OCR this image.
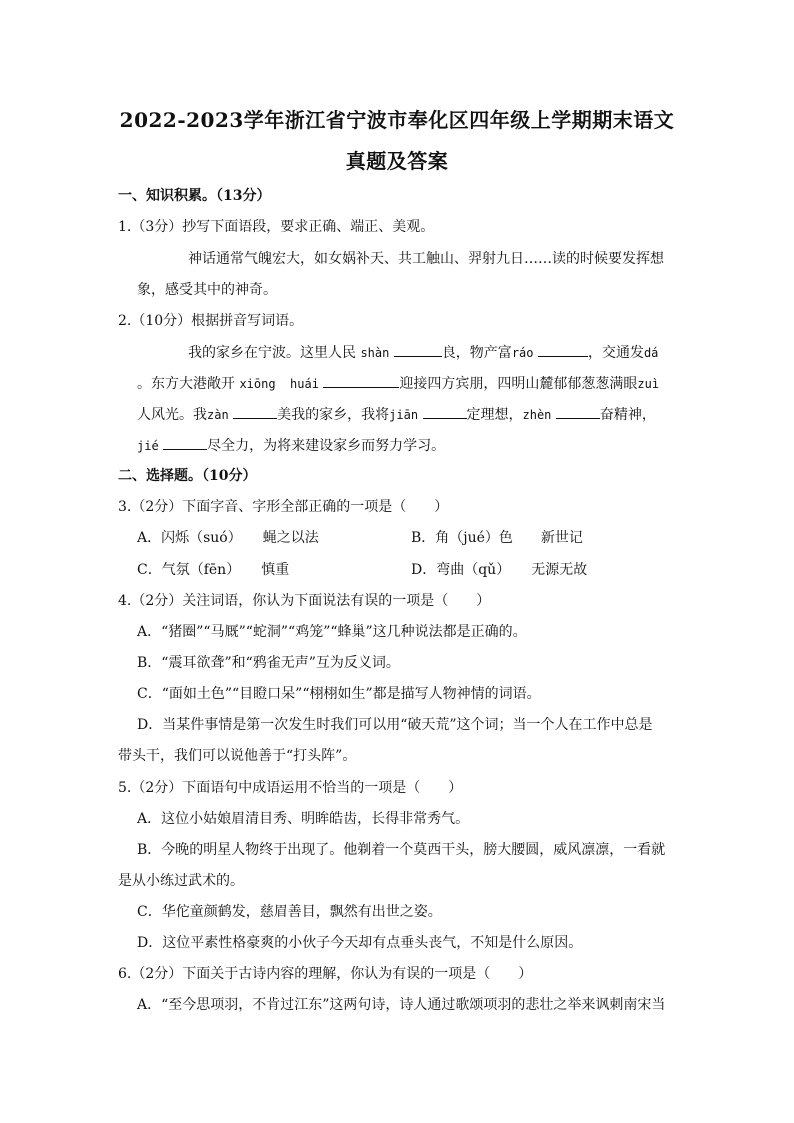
2022-2023学年浙江省宁波市奉化区四年级上学期期末语文
真题及答案
一、知识积累。（13分）
1.（3分）抄写下面语段，要求正确、端正、美观。
神话通常气魄宏大，如女娲补天、共工触山、羿射九日……读的时候要发挥想
象，感受其中的神奇。
2.（10分）根据拼音写词语。
我的家乡在宁波。这里人民 shàn	良，物产富ráo	，交通发dá
。东方大港敞开 xiōng  huái	迎接四方宾朋，四明山麓郁郁葱葱满眼zuì
人风光。我zàn	美我的家乡，我将jiān	定理想，zhèn	奋精神，
jié	尽全力，为将来建设家乡而努力学习。
二、选择题。（10分）
3.（2分）下面字音、字形全部正确的一项是（　　）
A．闪烁（suó）　　蝇之以法	B．角（jué）色　　新世记
C．气氛（fēn）　　慎重	D．弯曲（qǔ）　　无源无故
4.（2分）关注词语，你认为下面说法有误的一项是（　　）
A．“猪圈”“马厩”“蛇洞”“鸡笼”“蜂巢”这几种说法都是正确的。
B．“震耳欲聋”和“鸦雀无声”互为反义词。
C．“面如土色”“目瞪口呆”“栩栩如生”都是描写人物神情的词语。
D．当某件事情是第一次发生时我们可以用“破天荒”这个词；当一个人在工作中总是
带头干，我们可以说他善于“打头阵”。
5.（2分）下面语句中成语运用不恰当的一项是（　　）
A．这位小姑娘眉清目秀、明眸皓齿，长得非常秀气。
B．今晚的明星人物终于出现了。他剃着一个莫西干头，膀大腰圆，威风凛凛，一看就
是从小练过武术的。
C．华佗童颜鹤发，慈眉善目，飘然有出世之姿。
D．这位平素性格豪爽的小伙子今天却有点垂头丧气，不知是什么原因。
6.（2分）下面关于古诗内容的理解，你认为有误的一项是（　　）
A．“至今思项羽，不肯过江东”这两句诗，诗人通过歌颂项羽的悲壮之举来讽刺南宋当
